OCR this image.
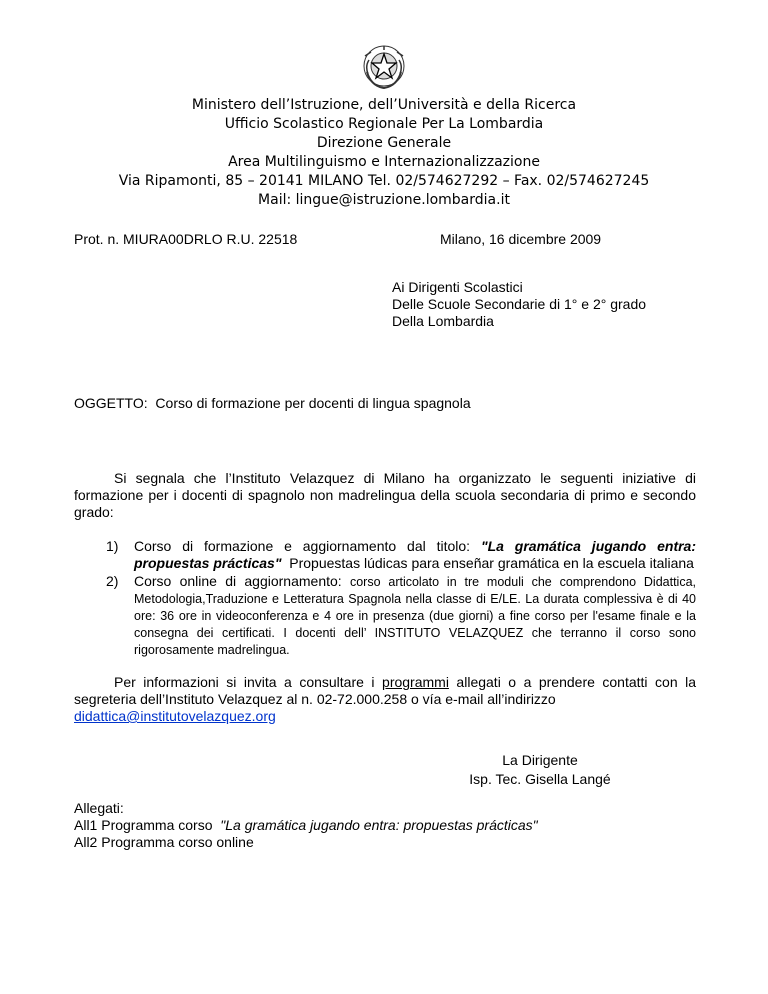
Ministero dell’Istruzione, dell’Università e della Ricerca
Ufficio Scolastico Regionale Per La Lombardia
Direzione Generale
Area Multilinguismo e Internazionalizzazione
Via Ripamonti, 85 – 20141 MILANO Tel. 02/574627292 – Fax. 02/574627245
Mail: lingue@istruzione.lombardia.it
Prot. n. MIURA00DRLO R.U. 22518	Milano, 16 dicembre 2009
Ai Dirigenti Scolastici
Delle Scuole Secondarie di 1° e 2° grado
Della Lombardia
OGGETTO:  Corso di formazione per docenti di lingua spagnola
Si segnala che l’Instituto Velazquez di Milano ha organizzato le seguenti iniziative di formazione per i docenti di spagnolo non madrelingua della scuola secondaria di primo e secondo grado:
1) Corso di formazione e aggiornamento dal titolo: "La gramática jugando entra: propuestas prácticas"  Propuestas lúdicas para enseñar gramática en la escuela italiana
2) Corso online di aggiornamento: corso articolato in tre moduli che comprendono Didattica, Metodologia,Traduzione e Letteratura Spagnola nella classe di E/LE. La durata complessiva è di 40 ore: 36 ore in videoconferenza e 4 ore in presenza (due giorni) a fine corso per l'esame finale e la consegna dei certificati. I docenti dell’ INSTITUTO VELAZQUEZ che terranno il corso sono rigorosamente madrelingua.
Per informazioni si invita a consultare i programmi allegati o a prendere contatti con la segreteria dell’Instituto Velazquez al n. 02-72.000.258 o vía e-mail all’indirizzo
didattica@institutovelazquez.org
La Dirigente
Isp. Tec. Gisella Langé
Allegati:
All1 Programma corso  "La gramática jugando entra: propuestas prácticas"
All2 Programma corso online
